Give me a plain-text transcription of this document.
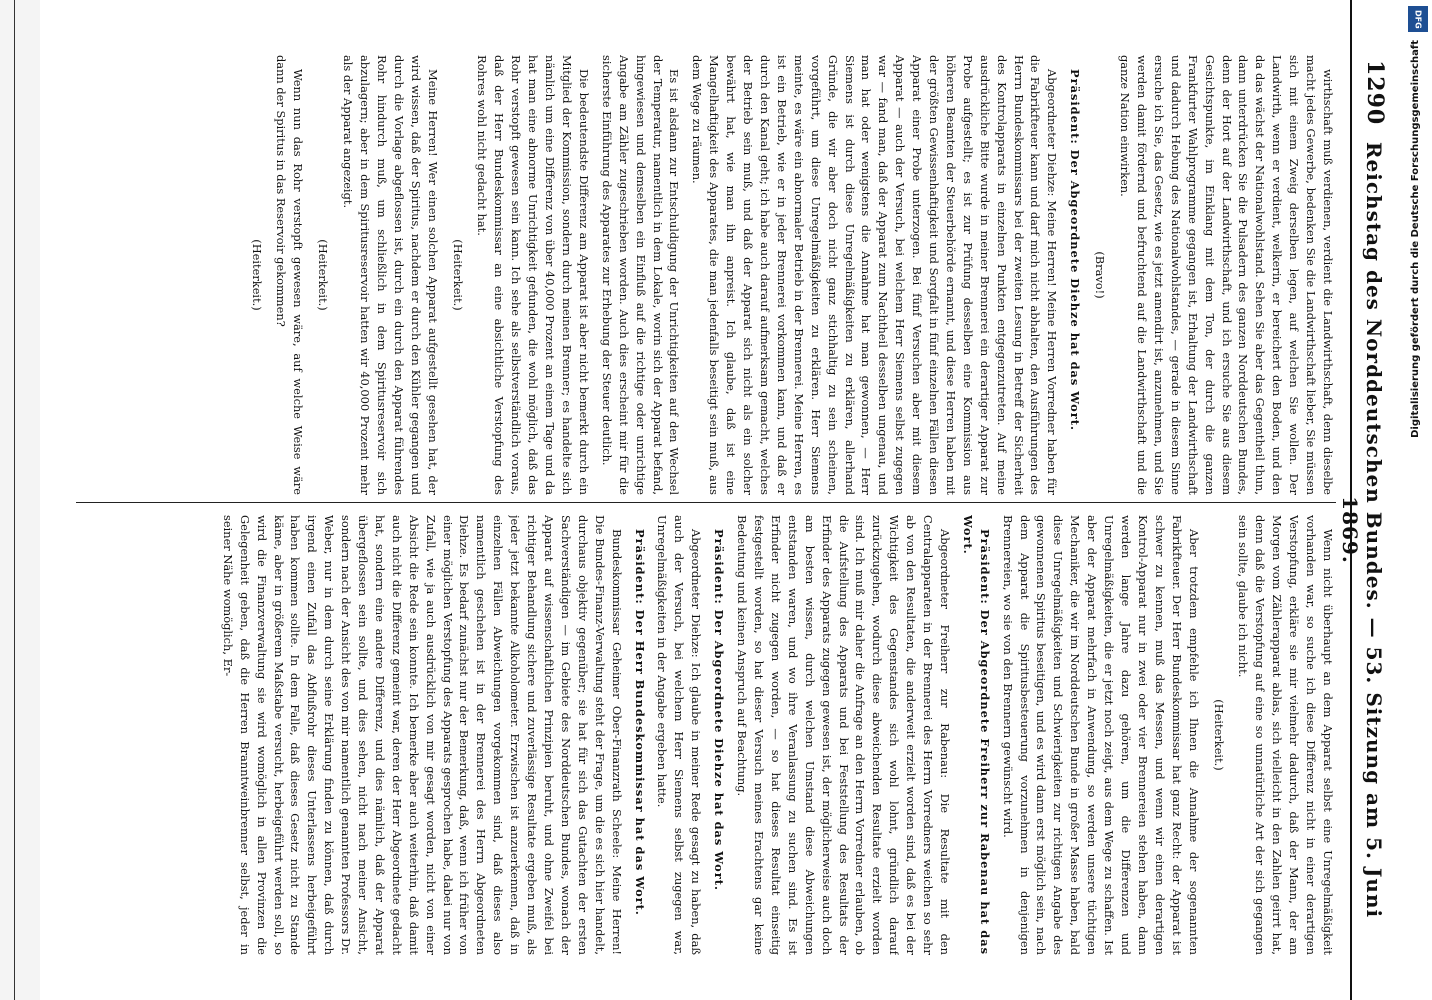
1290
Reichstag des Norddeutschen Bundes. — 53. Sitzung am 5. Juni 1869.

wirthschaft muß verdienen, verdient die Landwirthschaft, denn dieselbe macht jedes Gewerbe, bedenken Sie die Landwirthschaft lieber, Sie müssen sich mit einem Zweig derselben legen, auf welchen Sie wollen. Der Landwirth, wenn er verdient, welkerin, er bereichert den Boden, und den da das wächst der Nationalwohlstand. Sehen Sie aber das Gegentheil thun, dann unterdrücken Sie die Pulsadern des ganzen Norddeutschen Bundes, denn der Hort auf der Landwirthschaft, und ich ersuche Sie aus diesem Gesichtspunkte, im Einklang mit dem Ton, der durch die ganzen Frankfurter Wahlprogramme gegangen ist, Erhaltung der Landwirthschaft und dadurch Hebung des Nationalwohlstandes, — gerade in diesem Sinne ersuche ich Sie, das Gesetz, wie es jetzt amendirt ist, anzunehmen, und Sie werden damit fördernd und befruchtend auf die Landwirthschaft und die ganze Nation einwirken.

(Bravo!)

Präsident: Der Abgeordnete Diehze hat das Wort.

Abgeordneter Diehze: Meine Herren! Meine Herren Vorredner haben für die Fabrikfteuer kann und darf mich nicht abhalten, den Ausführungen des Herrn Bundeskommissars bei der zweiten Lesung in Betreff der Sicherheit des Kontrolapparats in einzelnen Punkten entgegenzutreten. Auf meine ausdrückliche Bitte wurde in meiner Brennerei ein derartiger Apparat zur Probe aufgestellt; es ist zur Prüfung desselben eine Kommission aus höheren Beamten der Steuerbehörde ernannt, und diese Herren haben mit der größten Gewissenhaftigkeit und Sorgfalt in fünf einzelnen Fällen diesen Apparat einer Probe unterzogen. Bei fünf Versuchen aber mit diesem Apparat — auch der Versuch, bei welchem Herr Siemens selbst zugegen war — fand man, daß der Apparat zum Nachtheil desselben ungenau, und man hat oder wenigstens die Annahme hat man gewonnen, — Herr Siemens ist durch diese Unregelmäßigkeiten zu erklären, allerhand Gründe, die wir aber doch nicht ganz stichhaltig zu sein scheinen, vorgeführt, um diese Unregelmäßigkeiten zu erklären. Herr Siemens meinte, es wäre ein abnormaler Betrieb in der Brennerei. Meine Herren, es ist ein Betrieb, wie er in jeder Brennerei vorkommen kann, und daß er durch den Kanal geht; ich habe auch darauf aufmerksam gemacht, welches der Betrieb sein muß, und daß der Apparat sich nicht als ein solcher bewährt hat, wie man ihn anpreist. Ich glaube, daß ist eine Mangelhaftigkeit des Apparates, die man jedenfalls beseitigt sein muß, aus dem Wege zu räumen.

Es ist alsdann zur Entschuldigung der Unrichtigkeiten auf den Wechsel der Temperatur, namentlich in dem Lokale, worin sich der Apparat befand, hingewiesen und demselben ein Einfluß auf die richtige oder unrichtige Angabe am Zähler zugeschrieben worden. Auch dies erscheint mir für die sicherste Einführung des Apparates zur Erhebung der Steuer deutlich.

Die bedeutendste Differenz am Apparat ist aber nicht bemerkt durch ein Mitglied der Kommission, sondern durch meinen Brenner; es handelte sich nämlich um eine Differenz von über 40,000 Prozent an einem Tage und da hat man eine abnorme Unrichtigkeit gefunden, die wohl möglich, daß das Rohr verstopft gewesen sein kann. Ich sehe als selbstverständlich voraus, daß der Herr Bundeskommissar an eine absichtliche Verstopfung des Rohres wohl nicht gedacht hat.

(Heiterkeit.)

Meine Herren! Wer einen solchen Apparat aufgestellt gesehen hat, der wird wissen, daß der Spiritus, nachdem er durch den Kühler gegangen und durch die Vorlage abgeflossen ist, durch ein durch den Apparat führendes Rohr hindurch muß, um schließlich in dem Spiritusreservoir sich abzulagern; aber in dem Spiritusreservoir hatten wir 40,000 Prozent mehr als der Apparat angezeigt.

(Heiterkeit.)

Wenn nun das Rohr verstopft gewesen wäre, auf welche Weise wäre dann der Spiritus in das Reservoir gekommen?

(Heiterkeit.)

Wenn nicht überhaupt an dem Apparat selbst eine Unregelmäßigkeit vorhanden war, so suche ich diese Differenz nicht in einer derartigen Verstopfung, erkläre sie mir vielmehr dadurch, daß der Mann, der am Morgen vom Zählerapparat ablas, sich vielleicht in den Zahlen geirrt hat, denn daß die Verstopfung auf eine so unnatürliche Art der sich gegangen sein sollte, glaube ich nicht.

(Heiterkeit.)

Aber trotzdem empfehle ich Ihnen die Annahme der sogenannten Fabrikfteuer. Der Herr Bundeskommissar hat ganz Recht: der Apparat ist schwer zu kennen, muß das Messen, und wenn wir einen derartigen Kontrol-Apparat nur in zwei oder vier Brennereien stehen haben, dann werden lange Jahre dazu gehören, um die Differenzen und Unregelmäßigkeiten, die er jetzt noch zeigt, aus dem Wege zu schaffen. Ist aber der Apparat mehrfach in Anwendung, so werden unsere tüchtigen Mechaniker, die wir im Norddeutschen Bunde in großer Masse haben, bald diese Unregelmäßigkeiten und Schwierigkeiten zur richtigen Angabe des gewonnenen Spiritus beseitigen, und es wird dann erst möglich sein, nach dem Apparat die Spiritusbesteuerung vorzunehmen in denjenigen Brennereien, wo sie von den Brennern gewünscht wird.

Präsident: Der Abgeordnete Freiherr zur Rabenau hat das Wort.

Abgeordneter Freiherr zur Rabenau: Die Resultate mit den Centralapparaten in der Brennerei des Herrn Vorredners weichen so sehr ab von den Resultaten, die anderweit erzielt worden sind, daß es bei der Wichtigkeit des Gegenstandes sich wohl lohnt, gründlich darauf zurückzugehen, wodurch diese abweichenden Resultate erzielt worden sind. Ich muß mir daher die Anfrage an den Herrn Vorredner erlauben, ob die Aufstellung des Apparats und bei Feststellung des Resultats der Erfinder des Apparats zugegen gewesen ist, der möglicherweise auch doch am besten wissen, durch welchen Umstand diese Abweichungen entstanden waren, und wo ihre Veranlassung zu suchen sind. Es ist Erfinder nicht zugegen worden, — so hat dieses Resultat einseitig festgestellt worden, so hat dieser Versuch meines Erachtens gar keine Bedeutung und keinen Anspruch auf Beachtung.

Präsident: Der Abgeordnete Diehze hat das Wort.

Abgeordneter Diehze: Ich glaube in meiner Rede gesagt zu haben, daß auch der Versuch, bei welchem Herr Siemens selbst zugegen war, Unregelmäßigkeiten in der Angabe ergeben hatte.

Präsident: Der Herr Bundeskommissar hat das Wort.

Bundeskommissar Geheimer Ober-Finanzrath Scheele: Meine Herren! Die Bundes-Finanz-Verwaltung steht der Frage, um die es sich hier handelt, durchaus objektiv gegenüber; sie hat für sich das Gutachten der ersten Sachverständigen — im Gebiete des Norddeutschen Bundes, wonach der Apparat auf wissenschaftlichen Prinzipien beruht, und ohne Zweifel bei richtiger Behandlung sichere und zuverlässige Resultate ergeben muß, als jeder jetzt bekannte Alkoholometer. Erzwischen ist anzuerkennen, daß in einzelnen Fällen Abweichungen vorgekommen sind, daß dieses also namentlich geschehen ist in der Brennerei des Herrn Abgeordneten Diehze. Es bedarf zunächst nur der Bemerkung, daß, wenn ich früher von einer möglichen Verstopfung des Apparats gesprochen habe, dabei nur von Zufall, wie ja auch ausdrücklich von mir gesagt worden, nicht von einer Absicht die Rede sein konnte. Ich bemerke aber auch weiterhin, daß damit auch nicht die Differenz gemeint war, deren der Herr Abgeordnete gedacht hat, sondern eine andere Differenz, und dies nämlich, daß der Apparat übergeflossen sein sollte, und dies sehen, nicht nach meiner Ansicht, sondern nach der Ansicht des von mir namentlich genannten Professors Dr. Weber, nur in dem durch seine Erklärung finden zu können, daß durch irgend einen Zufall das Abflußrohr dieses Unterlassens herbeigeführt haben kommen sollte. In dem Falle, daß dieses Gesetz nicht zu Stande käme, aber in größerem Maßstabe versucht, herbeigeführt werden soll, so wird die Finanzverwaltung sie wird womöglich in allen Provinzen die Gelegenheit geben, daß die Herren Branntweinbrenner selbst, jeder in seiner Nähe womöglich, Er-

DFG
Digitalisierung gefördert durch die Deutsche Forschungsgemeinschaft
